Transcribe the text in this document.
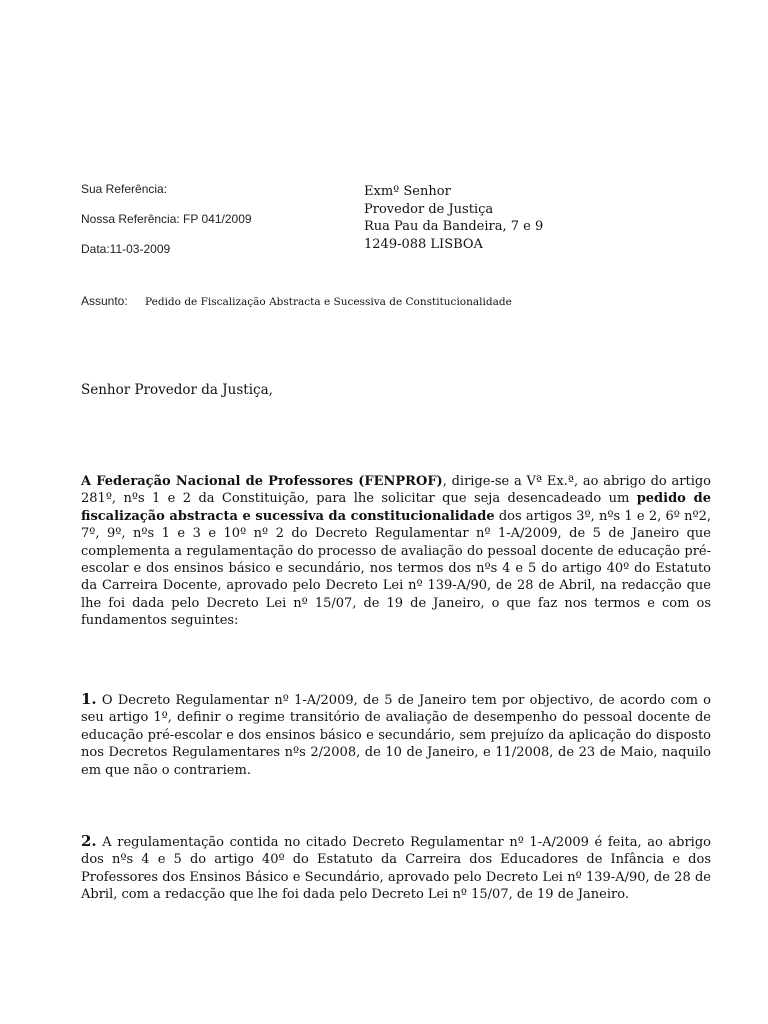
Sua Referência:
Nossa Referência: FP 041/2009
Data:11-03-2009
Exmº Senhor
Provedor de Justiça
Rua Pau da Bandeira, 7 e 9
1249-088 LISBOA
Assunto: Pedido de Fiscalização Abstracta e Sucessiva de Constitucionalidade
Senhor Provedor da Justiça,
A Federação Nacional de Professores (FENPROF), dirige-se a Vª Ex.ª, ao abrigo do artigo 281º, nºs 1 e 2 da Constituição, para lhe solicitar que seja desencadeado um pedido de fiscalização abstracta e sucessiva da constitucionalidade dos artigos 3º, nºs 1 e 2, 6º nº2, 7º, 9º, nºs 1 e 3 e 10º nº 2 do Decreto Regulamentar nº 1-A/2009, de 5 de Janeiro que complementa a regulamentação do processo de avaliação do pessoal docente de educação pré-escolar e dos ensinos básico e secundário, nos termos dos nºs 4 e 5 do artigo 40º do Estatuto da Carreira Docente, aprovado pelo Decreto Lei nº 139-A/90, de 28 de Abril, na redacção que lhe foi dada pelo Decreto Lei nº 15/07, de 19 de Janeiro, o que faz nos termos e com os fundamentos seguintes:
1. O Decreto Regulamentar nº 1-A/2009, de 5 de Janeiro tem por objectivo, de acordo com o seu artigo 1º, definir o regime transitório de avaliação de desempenho do pessoal docente de educação pré-escolar e dos ensinos básico e secundário, sem prejuízo da aplicação do disposto nos Decretos Regulamentares nºs 2/2008, de 10 de Janeiro, e 11/2008, de 23 de Maio, naquilo em que não o contrariem.
2. A regulamentação contida no citado Decreto Regulamentar nº 1-A/2009 é feita, ao abrigo dos nºs 4 e 5 do artigo 40º do Estatuto da Carreira dos Educadores de Infância e dos Professores dos Ensinos Básico e Secundário, aprovado pelo Decreto Lei nº 139-A/90, de 28 de Abril, com a redacção que lhe foi dada pelo Decreto Lei nº 15/07, de 19 de Janeiro.
